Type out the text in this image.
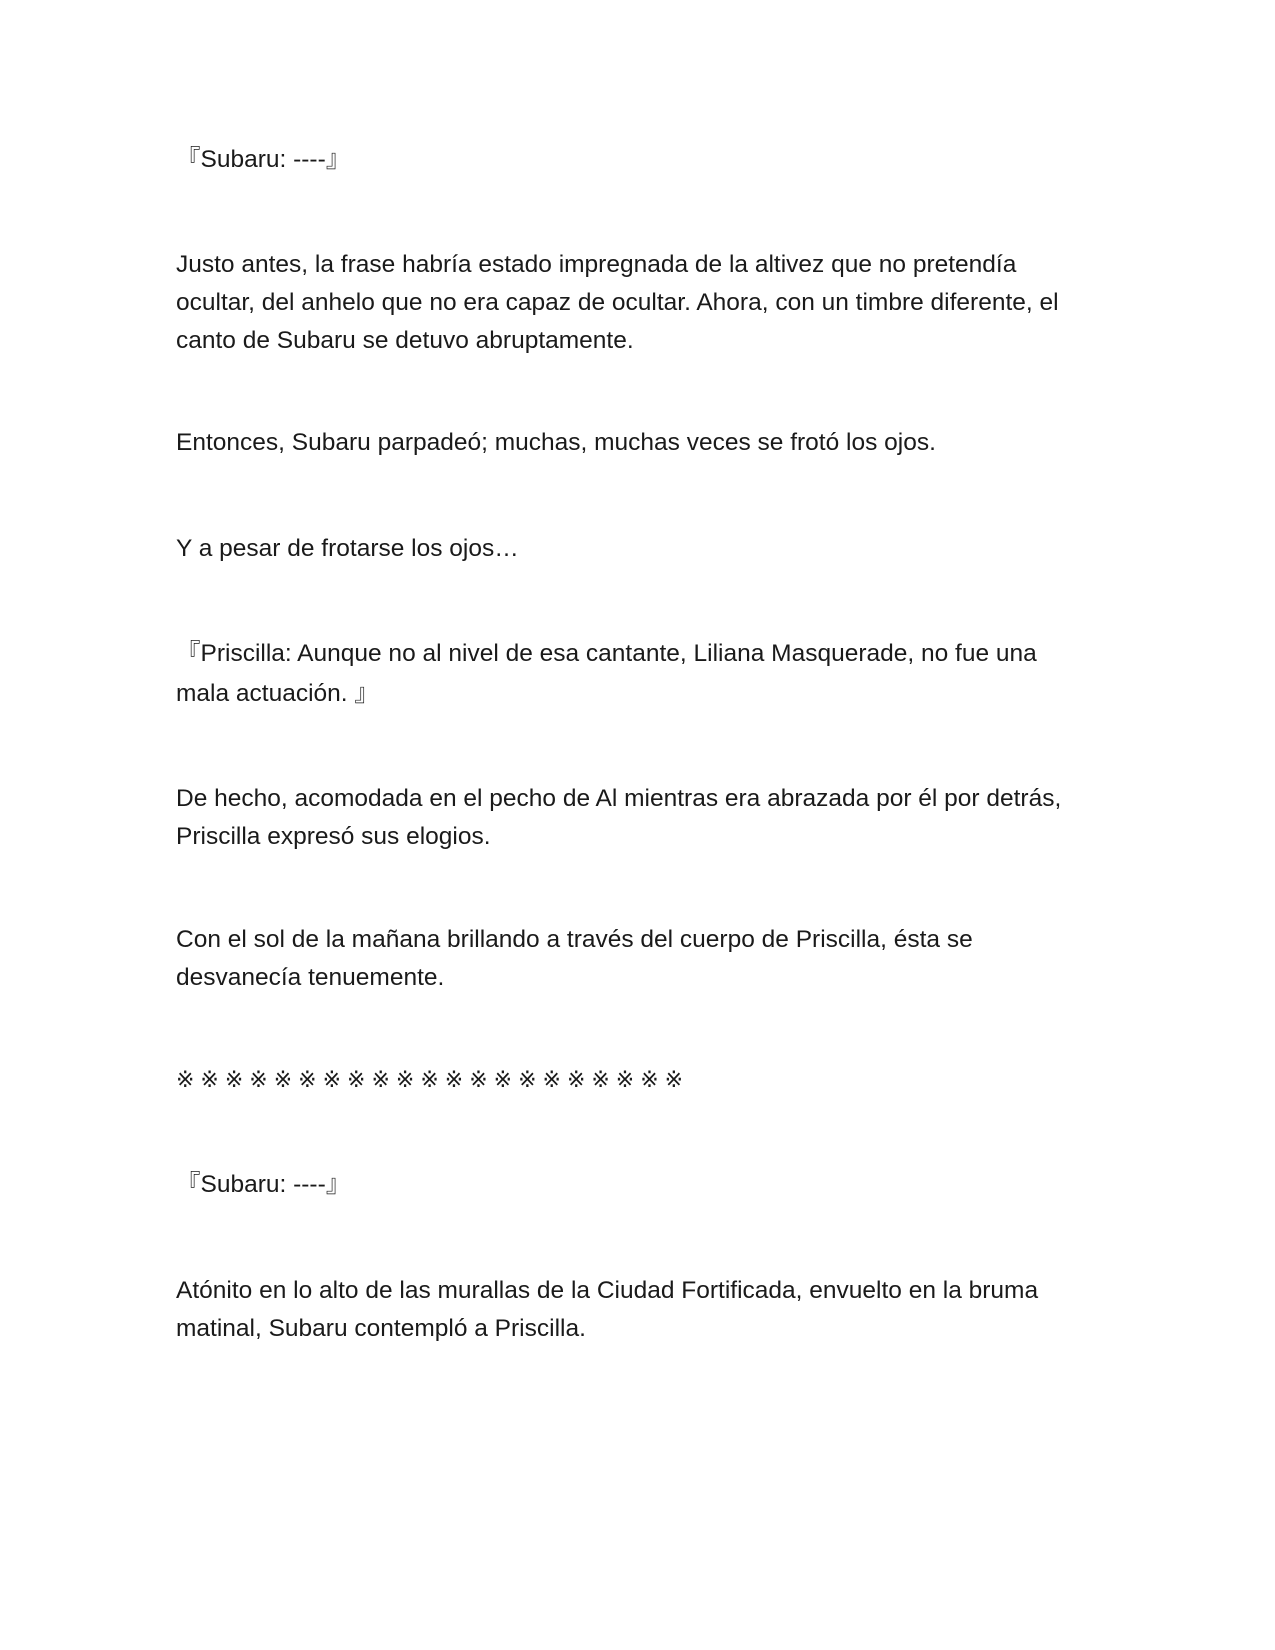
『Subaru: ----』

Justo antes, la frase habría estado impregnada de la altivez que no pretendía ocultar, del anhelo que no era capaz de ocultar. Ahora, con un timbre diferente, el canto de Subaru se detuvo abruptamente.

Entonces, Subaru parpadeó; muchas, muchas veces se frotó los ojos.

Y a pesar de frotarse los ojos…

『Priscilla: Aunque no al nivel de esa cantante, Liliana Masquerade, no fue una mala actuación. 』

De hecho, acomodada en el pecho de Al mientras era abrazada por él por detrás, Priscilla expresó sus elogios.

Con el sol de la mañana brillando a través del cuerpo de Priscilla, ésta se desvanecía tenuemente.

※※※※※※※※※※※※※※※※※※※※※

『Subaru: ----』

Atónito en lo alto de las murallas de la Ciudad Fortificada, envuelto en la bruma matinal, Subaru contempló a Priscilla.
